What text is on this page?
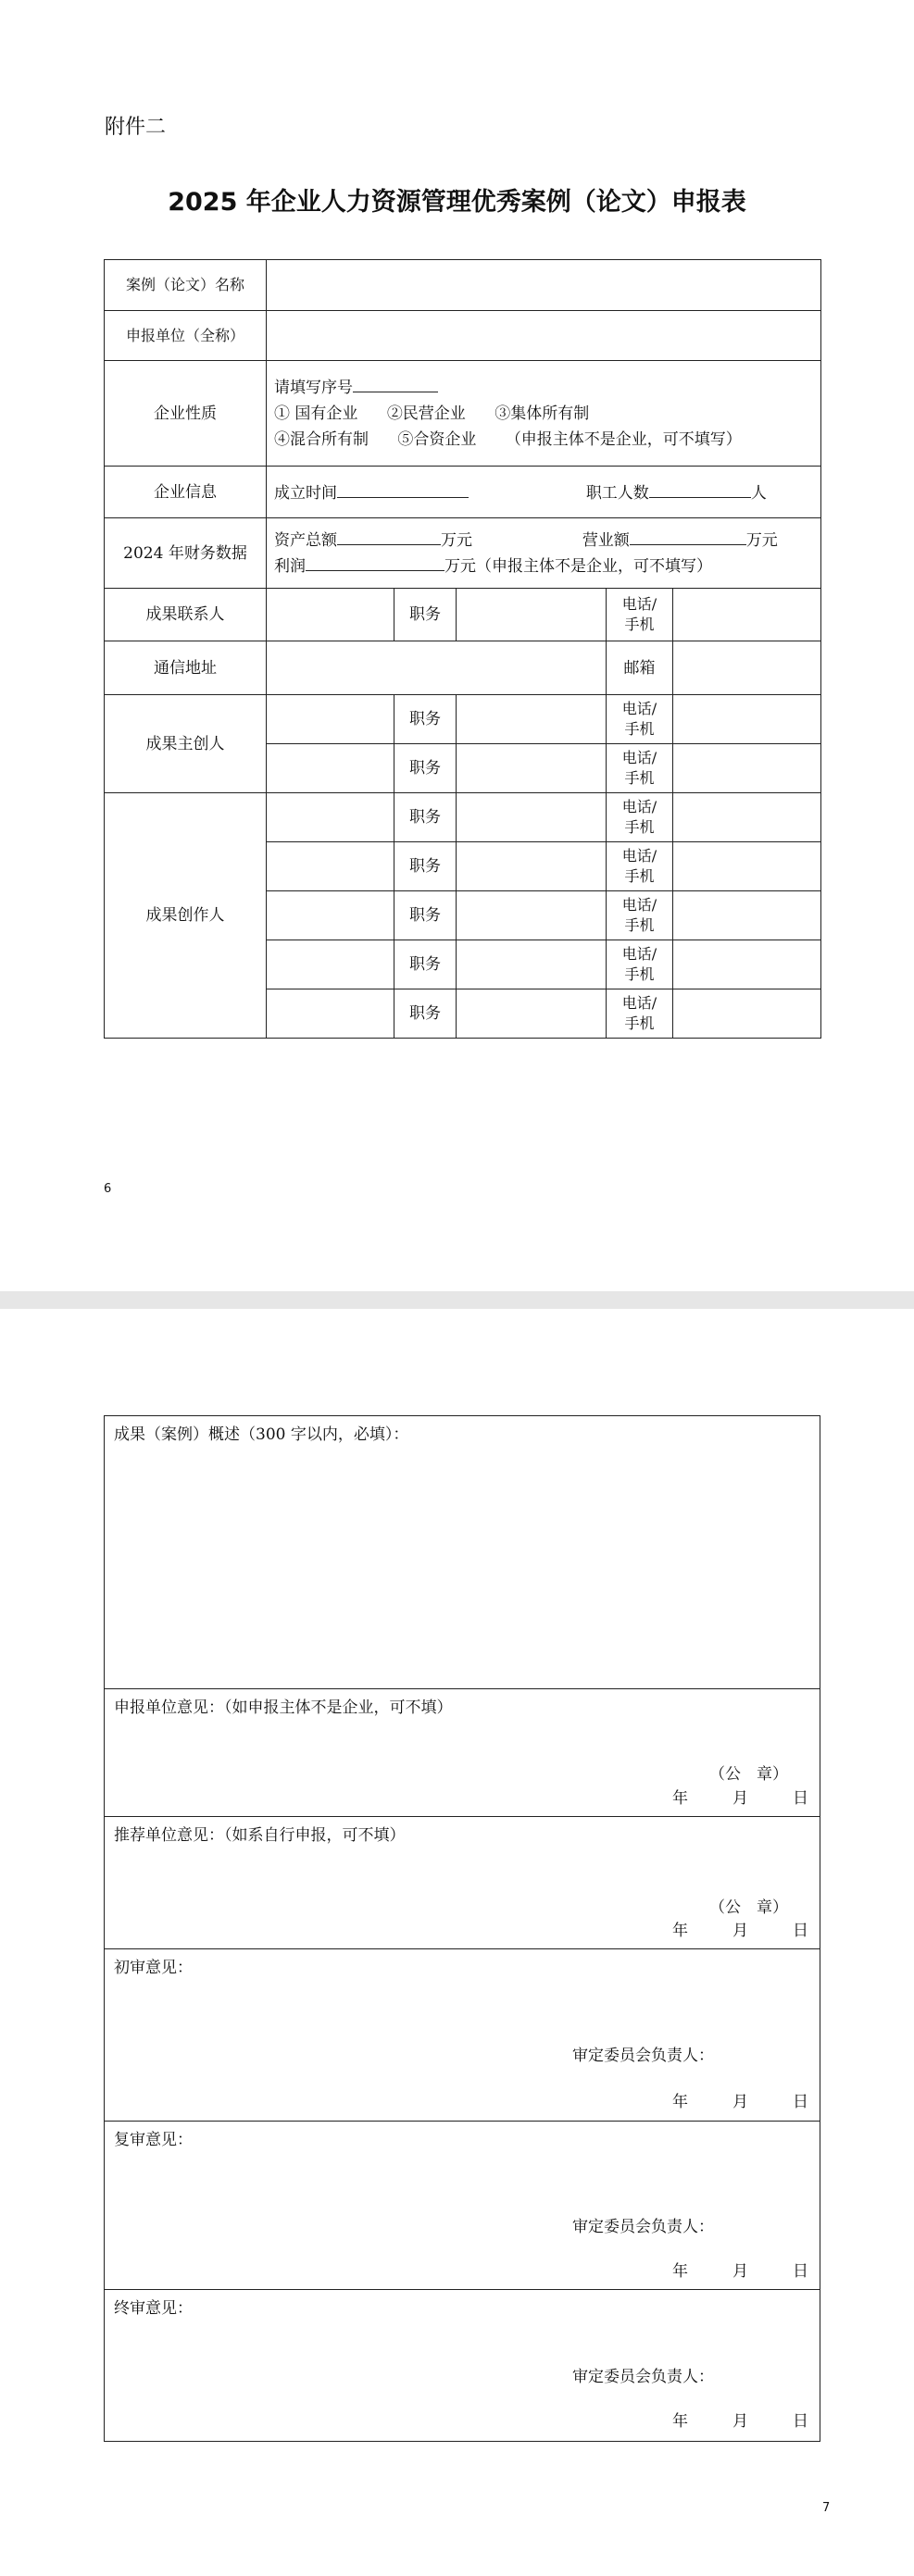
附件二
2025 年企业人力资源管理优秀案例（论文）申报表
案例（论文）名称					
申报单位（全称）					
企业性质	请填写序号
① 国有企业 ②民营企业 ③集体所有制
④混合所有制 ⑤合资企业 （申报主体不是企业，可不填写）				

企业信息	成立时间 职工人数 人				
2024 年财务数据	资产总额 万元 营业额 万元
利润 万元（申报主体不是企业，可不填写）				

成果联系人		职务		电话/
手机	
通信地址				邮箱	
成果主创人		职务		电话/
手机	
		职务		电话/
手机	
成果创作人		职务		电话/
手机	
		职务		电话/
手机	
		职务		电话/
手机	
		职务		电话/
手机	
		职务		电话/
手机	
6
成果（案例）概述（300 字以内，必填）：
申报单位意见：（如申报主体不是企业，可不填）
（公　章）
年	月	日

推荐单位意见：（如系自行申报，可不填）
（公　章）
年	月	日

初审意见：
审定委员会负责人：
年	月	日

复审意见：
审定委员会负责人：
年	月	日

终审意见：
审定委员会负责人：
年	月	日
7
